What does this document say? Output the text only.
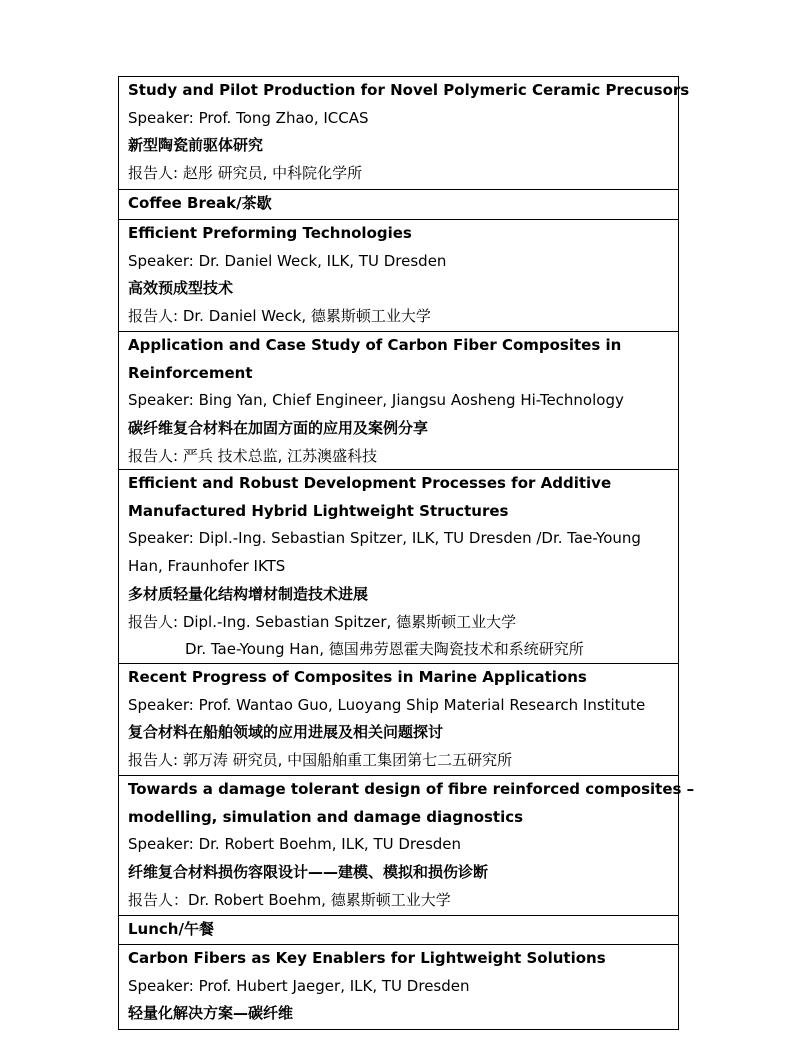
Study and Pilot Production for Novel Polymeric Ceramic Precusors
Speaker: Prof. Tong Zhao, ICCAS
新型陶瓷前驱体研究
报告人: 赵彤 研究员, 中科院化学所
Coffee Break/茶歇
Efficient Preforming Technologies
Speaker: Dr. Daniel Weck, ILK, TU Dresden
高效预成型技术
报告人: Dr. Daniel Weck, 德累斯顿工业大学
Application and Case Study of Carbon Fiber Composites in
Reinforcement
Speaker: Bing Yan, Chief Engineer, Jiangsu Aosheng Hi-Technology
碳纤维复合材料在加固方面的应用及案例分享
报告人: 严兵 技术总监, 江苏澳盛科技
Efficient and Robust Development Processes for Additive
Manufactured Hybrid Lightweight Structures
Speaker: Dipl.-Ing. Sebastian Spitzer, ILK, TU Dresden /Dr. Tae-Young
Han, Fraunhofer IKTS
多材质轻量化结构增材制造技术进展
报告人: Dipl.-Ing. Sebastian Spitzer, 德累斯顿工业大学
Dr. Tae-Young Han, 德国弗劳恩霍夫陶瓷技术和系统研究所
Recent Progress of Composites in Marine Applications
Speaker: Prof. Wantao Guo, Luoyang Ship Material Research Institute
复合材料在船舶领域的应用进展及相关问题探讨
报告人: 郭万涛 研究员, 中国船舶重工集团第七二五研究所
Towards a damage tolerant design of fibre reinforced composites –
modelling, simulation and damage diagnostics
Speaker: Dr. Robert Boehm, ILK, TU Dresden
纤维复合材料损伤容限设计——建模、模拟和损伤诊断
报告人：Dr. Robert Boehm, 德累斯顿工业大学
Lunch/午餐
Carbon Fibers as Key Enablers for Lightweight Solutions
Speaker: Prof. Hubert Jaeger, ILK, TU Dresden
轻量化解决方案—碳纤维
